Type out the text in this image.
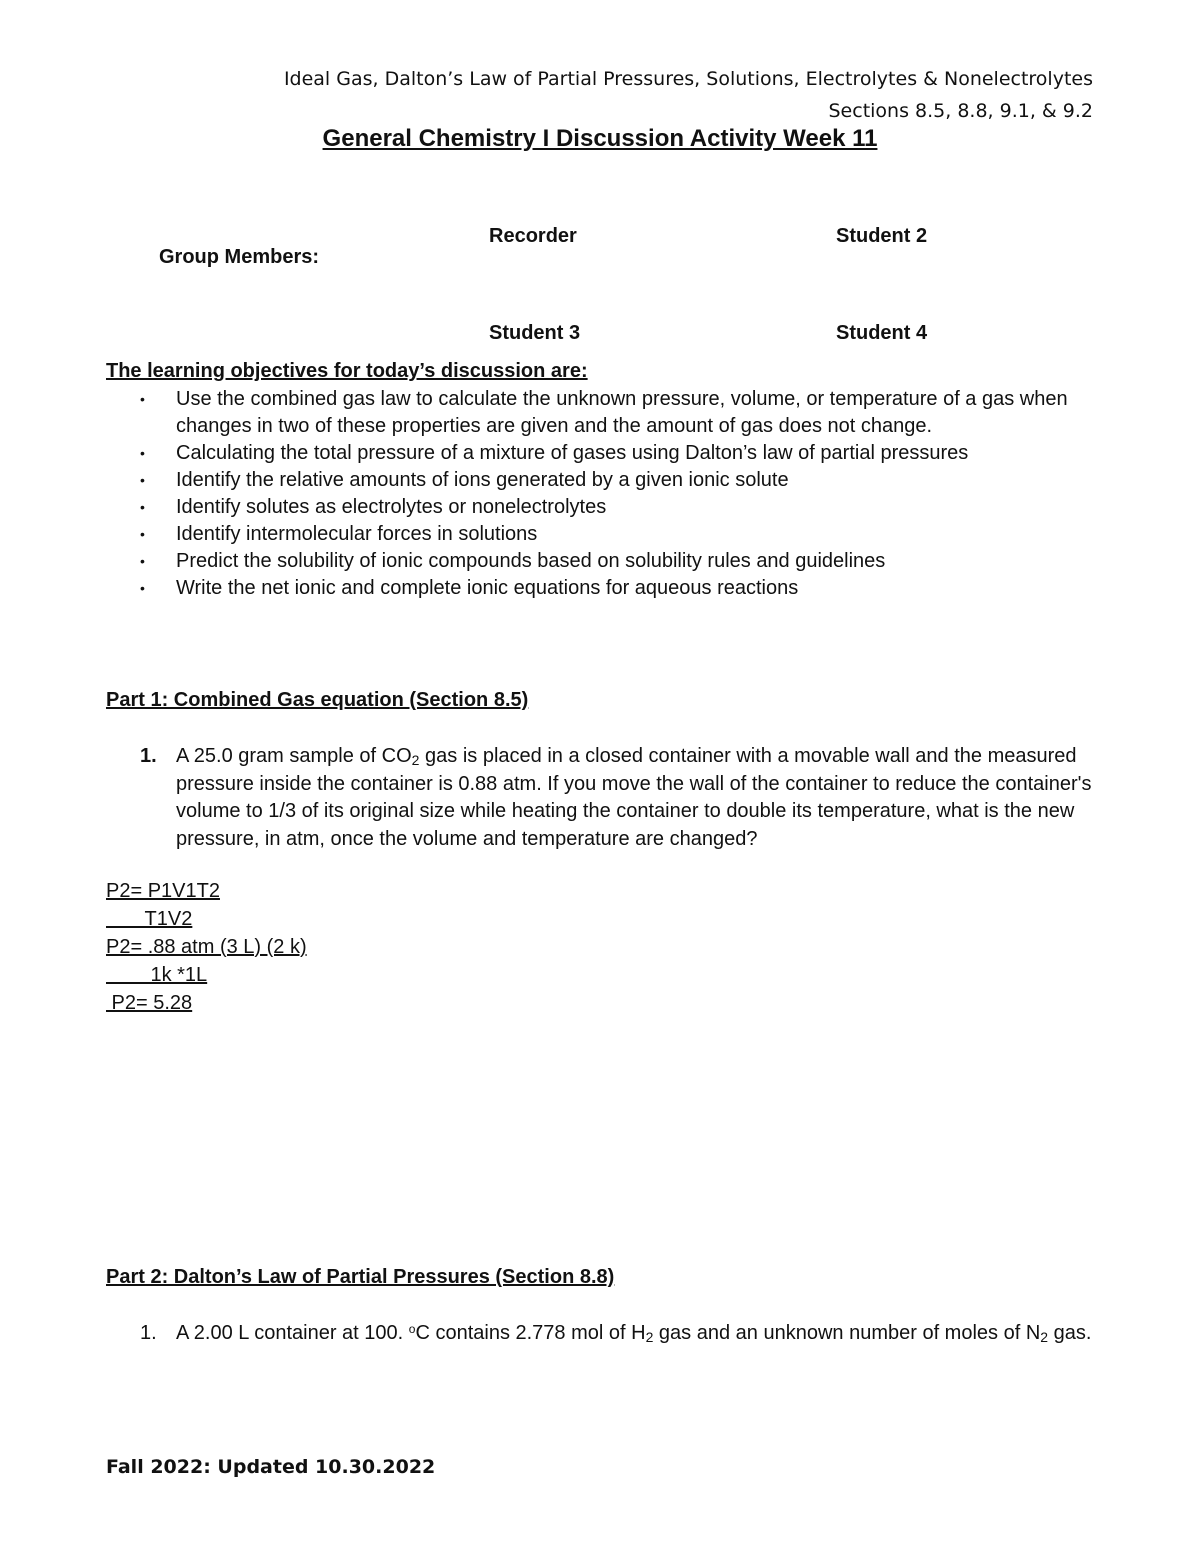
Ideal Gas, Dalton’s Law of Partial Pressures, Solutions, Electrolytes & Nonelectrolytes
Sections 8.5, 8.8, 9.1, & 9.2
General Chemistry I Discussion Activity Week 11
Group Members:
Recorder	Student 2
Student 3	Student 4
The learning objectives for today’s discussion are:
• Use the combined gas law to calculate the unknown pressure, volume, or temperature of a gas when changes in two of these properties are given and the amount of gas does not change.
• Calculating the total pressure of a mixture of gases using Dalton’s law of partial pressures
• Identify the relative amounts of ions generated by a given ionic solute
• Identify solutes as electrolytes or nonelectrolytes
• Identify intermolecular forces in solutions
• Predict the solubility of ionic compounds based on solubility rules and guidelines
• Write the net ionic and complete ionic equations for aqueous reactions
Part 1: Combined Gas equation (Section 8.5)
1. A 25.0 gram sample of $CO_2$ gas is placed in a closed container with a movable wall and the measured pressure inside the container is 0.88 atm. If you move the wall of the container to reduce the container's volume to 1/3 of its original size while heating the container to double its temperature, what is the new pressure, in atm, once the volume and temperature are changed?
P2= P1V1T2
T1V2
P2= .88 atm (3 L) (2 k)
1k *1L
P2= 5.28
Part 2: Dalton’s Law of Partial Pressures (Section 8.8)
1. A 2.00 L container at 100. $^o$C contains 2.778 mol of $H_2$ gas and an unknown number of moles of $N_2$ gas.
Fall 2022: Updated 10.30.2022
